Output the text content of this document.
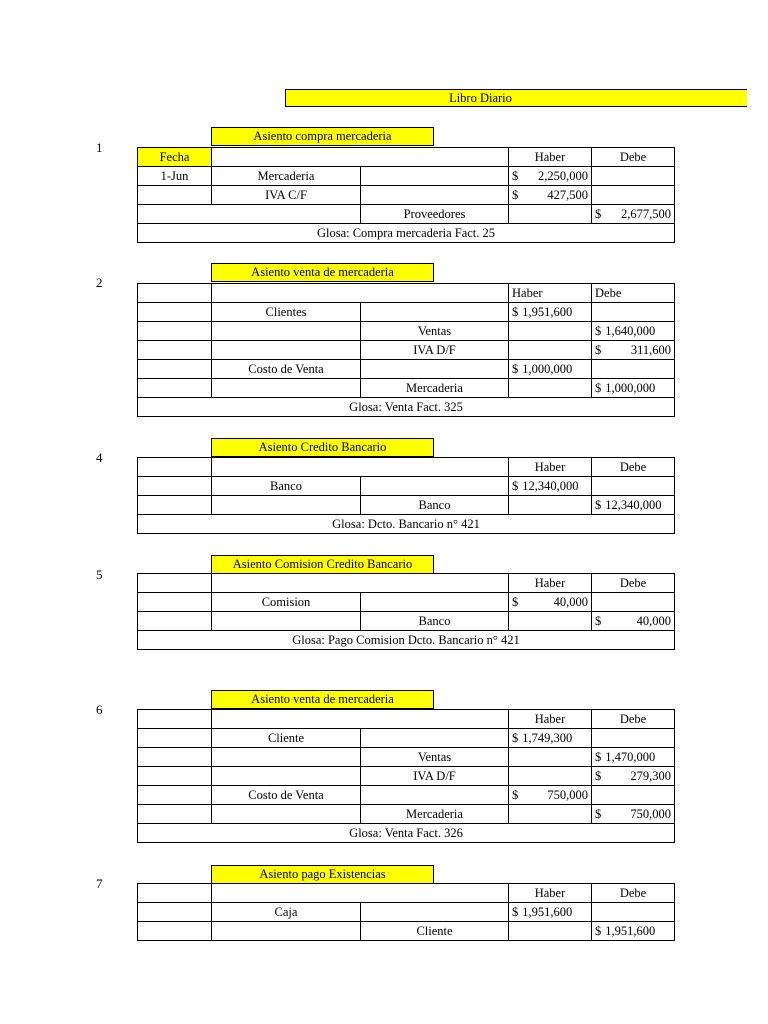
Libro Diario
1
Asiento compra mercaderia
Fecha			Haber	Debe
1-Jun	Mercaderia		$ 2,250,000	

	IVA C/F		$ 427,500	

		Proveedores		$ 2,677,500

Glosa: Compra mercaderia Fact. 25				
2
Asiento venta de mercaderia
			Haber	Debe
	Clientes		$ 1,951,600	

		Ventas		$ 1,640,000

		IVA D/F		$ 311,600

	Costo de Venta		$ 1,000,000	

		Mercaderia		$ 1,000,000

Glosa: Venta Fact. 325				
4
Asiento Credito Bancario
			Haber	Debe
	Banco		$ 12,340,000	

		Banco		$ 12,340,000

Glosa: Dcto. Bancario n° 421				
5
Asiento Comision Credito Bancario
			Haber	Debe
	Comision		$ 40,000	

		Banco		$ 40,000

Glosa: Pago Comision Dcto. Bancario n° 421				
6
Asiento venta de mercaderia
			Haber	Debe
	Cliente		$ 1,749,300	

		Ventas		$ 1,470,000

		IVA D/F		$ 279,300

	Costo de Venta		$ 750,000	

		Mercaderia		$ 750,000

Glosa: Venta Fact. 326				
7
Asiento pago Existencias
			Haber	Debe
	Caja		$ 1,951,600	

		Cliente		$ 1,951,600
